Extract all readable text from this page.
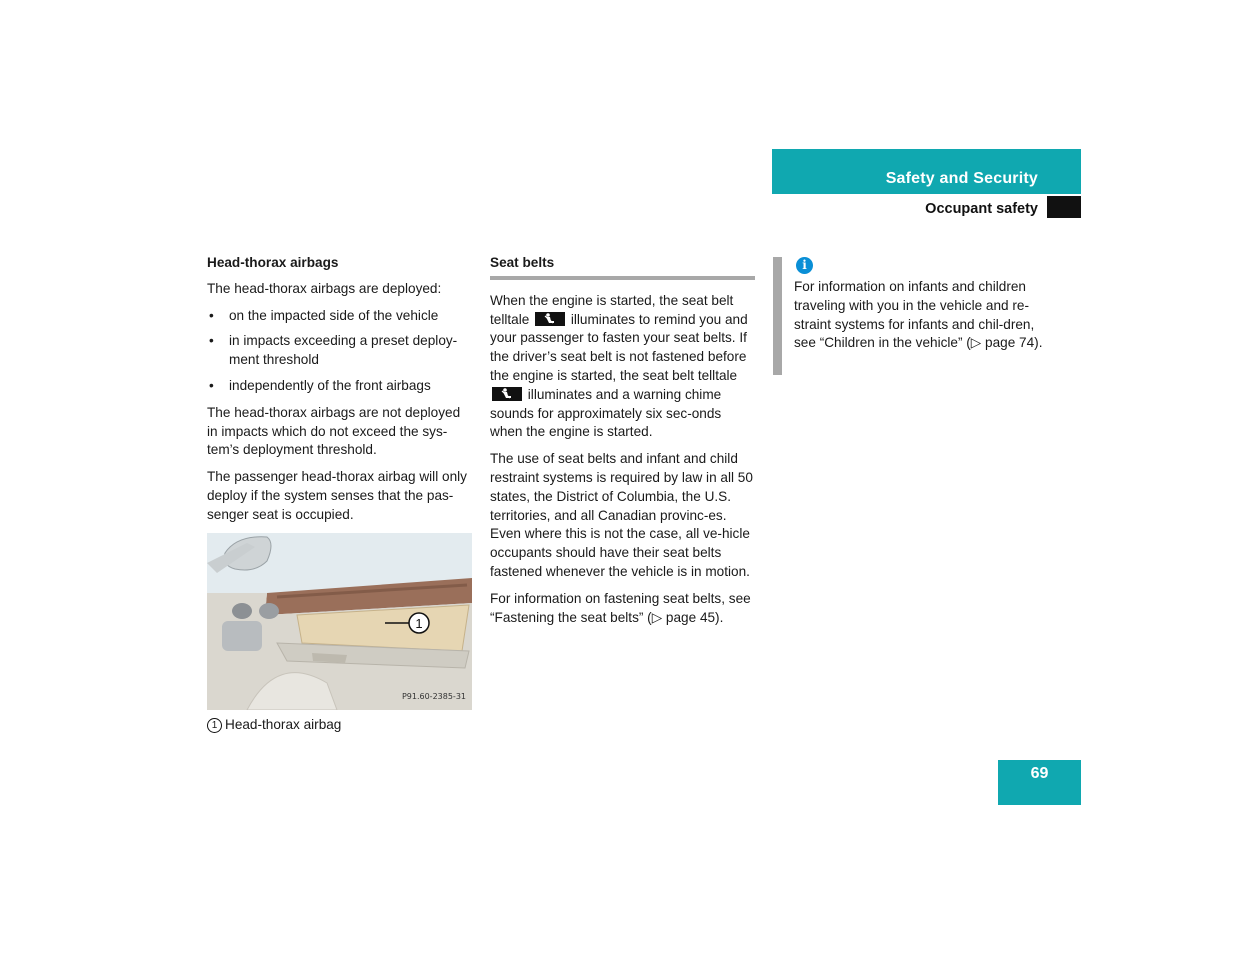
Safety and Security
Occupant safety
Head-thorax airbags

The head-thorax airbags are deployed:

• on the impacted side of the vehicle
• in impacts exceeding a preset deploy-ment threshold
• independently of the front airbags

The head-thorax airbags are not deployed in impacts which do not exceed the sys-tem’s deployment threshold.

The passenger head-thorax airbag will only deploy if the system senses that the pas-senger seat is occupied.

1
P91.60-2385-31
1 Head-thorax airbag
Seat belts

When the engine is started, the seat belt telltale	illuminates to remind you and your passenger to fasten your seat belts. If the driver’s seat belt is not fastened before the engine is started, the seat belt telltale
illuminates and a warning chime sounds for approximately six sec-onds when the engine is started.

The use of seat belts and infant and child restraint systems is required by law in all 50 states, the District of Columbia, the U.S. territories, and all Canadian provinc-es. Even where this is not the case, all ve-hicle occupants should have their seat belts fastened whenever the vehicle is in motion.

For information on fastening seat belts, see “Fastening the seat belts” (▷ page 45).

i
For information on infants and children traveling with you in the vehicle and re-straint systems for infants and chil-dren, see “Children in the vehicle” (▷ page 74).
69
